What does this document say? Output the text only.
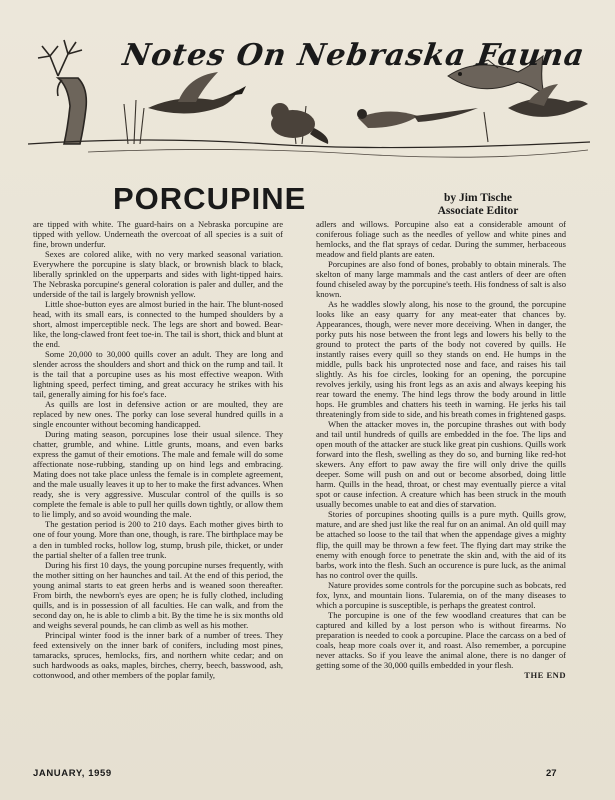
Notes On Nebraska Fauna
PORCUPINE	by Jim Tische
Associate Editor

are tipped with white. The guard-hairs on a Nebraska porcupine are tipped with yellow. Underneath the overcoat of all species is a suit of fine, brown underfur.

Sexes are colored alike, with no very marked seasonal variation. Everywhere the porcupine is slaty black, or brownish black to black, liberally sprinkled on the upperparts and sides with light-tipped hairs. The Nebraska porcupine's general coloration is paler and duller, and the underside of the tail is largely brownish yellow.

Little shoe-button eyes are almost buried in the hair. The blunt-nosed head, with its small ears, is connected to the humped shoulders by a short, almost imperceptible neck. The legs are short and bowed. Bear-like, the long-clawed front feet toe-in. The tail is short, thick and blunt at the end.

Some 20,000 to 30,000 quills cover an adult. They are long and slender across the shoulders and short and thick on the rump and tail. It is the tail that a porcupine uses as his most effective weapon. With lightning speed, perfect timing, and great accuracy he strikes with his tail, generally aiming for his foe's face.

As quills are lost in defensive action or are moulted, they are replaced by new ones. The porky can lose several hundred quills in a single encounter without becoming handicapped.

During mating season, porcupines lose their usual silence. They chatter, grumble, and whine. Little grunts, moans, and even barks express the gamut of their emotions. The male and female will do some affectionate nose-rubbing, standing up on hind legs and embracing. Mating does not take place unless the female is in complete agreement, and the male usually leaves it up to her to make the first advances. When ready, she is very aggressive. Muscular control of the quills is so complete the female is able to pull her quills down tightly, or allow them to lie limply, and so avoid wounding the male.

The gestation period is 200 to 210 days. Each mother gives birth to one of four young. More than one, though, is rare. The birthplace may be a den in tumbled rocks, hollow log, stump, brush pile, thicket, or under the partial shelter of a fallen tree trunk.

During his first 10 days, the young porcupine nurses frequently, with the mother sitting on her haunches and tail. At the end of this period, the young animal starts to eat green herbs and is weaned soon thereafter. From birth, the newborn's eyes are open; he is fully clothed, including quills, and is in possession of all faculties. He can walk, and from the second day on, he is able to climb a bit. By the time he is six months old and weighs several pounds, he can climb as well as his mother.

Principal winter food is the inner bark of a number of trees. They feed extensively on the inner bark of conifers, including most pines, tamaracks, spruces, hemlocks, firs, and northern white cedar; and on such hardwoods as oaks, maples, birches, cherry, beech, basswood, ash, cottonwood, and other members of the poplar family,

adlers and willows. Porcupine also eat a considerable amount of coniferous foliage such as the needles of yellow and white pines and hemlocks, and the flat sprays of cedar. During the summer, herbaceous meadow and field plants are eaten.

Porcupines are also fond of bones, probably to obtain minerals. The skelton of many large mammals and the cast antlers of deer are often found chiseled away by the porcupine's teeth. His fondness of salt is also known.

As he waddles slowly along, his nose to the ground, the porcupine looks like an easy quarry for any meat-eater that chances by. Appearances, though, were never more deceiving. When in danger, the porky puts his nose between the front legs and lowers his belly to the ground to protect the parts of the body not covered by quills. He instantly raises every quill so they stands on end. He humps in the middle, pulls back his unprotected nose and face, and raises his tail slightly. As his foe circles, looking for an opening, the porcupine revolves jerkily, using his front legs as an axis and always keeping his rear toward the enemy. The hind legs throw the body around in little hops. He grumbles and chatters his teeth in warning. He jerks his tail threateningly from side to side, and his breath comes in frightened gasps.

When the attacker moves in, the porcupine thrashes out with body and tail until hundreds of quills are embedded in the foe. The lips and open mouth of the attacker are stuck like great pin cushions. Quills work forward into the flesh, swelling as they do so, and burning like red-hot skewers. Any effort to paw away the fire will only drive the quills deeper. Some will push on and out or become absorbed, doing little harm. Quills in the head, throat, or chest may eventually pierce a vital spot or cause infection. A creature which has been struck in the mouth usually becomes unable to eat and dies of starvation.

Stories of porcupines shooting quills is a pure myth. Quills grow, mature, and are shed just like the real fur on an animal. An old quill may be attached so loose to the tail that when the appendage gives a mighty flip, the quill may be thrown a few feet. The flying dart may strike the enemy with enough force to penetrate the skin and, with the aid of its barbs, work into the flesh. Such an occurence is pure luck, as the animal has no control over the quills.

Nature provides some controls for the porcupine such as bobcats, red fox, lynx, and mountain lions. Tularemia, on of the many diseases to which a porcupine is susceptible, is perhaps the greatest control.

The porcupine is one of the few woodland creatures that can be captured and killed by a lost person who is without firearms. No preparation is needed to cook a porcupine. Place the carcass on a bed of coals, heap more coals over it, and roast. Also remember, a porcupine never attacks. So if you leave the animal alone, there is no danger of getting some of the 30,000 quills embedded in your flesh.

THE END
JANUARY, 1959	27
